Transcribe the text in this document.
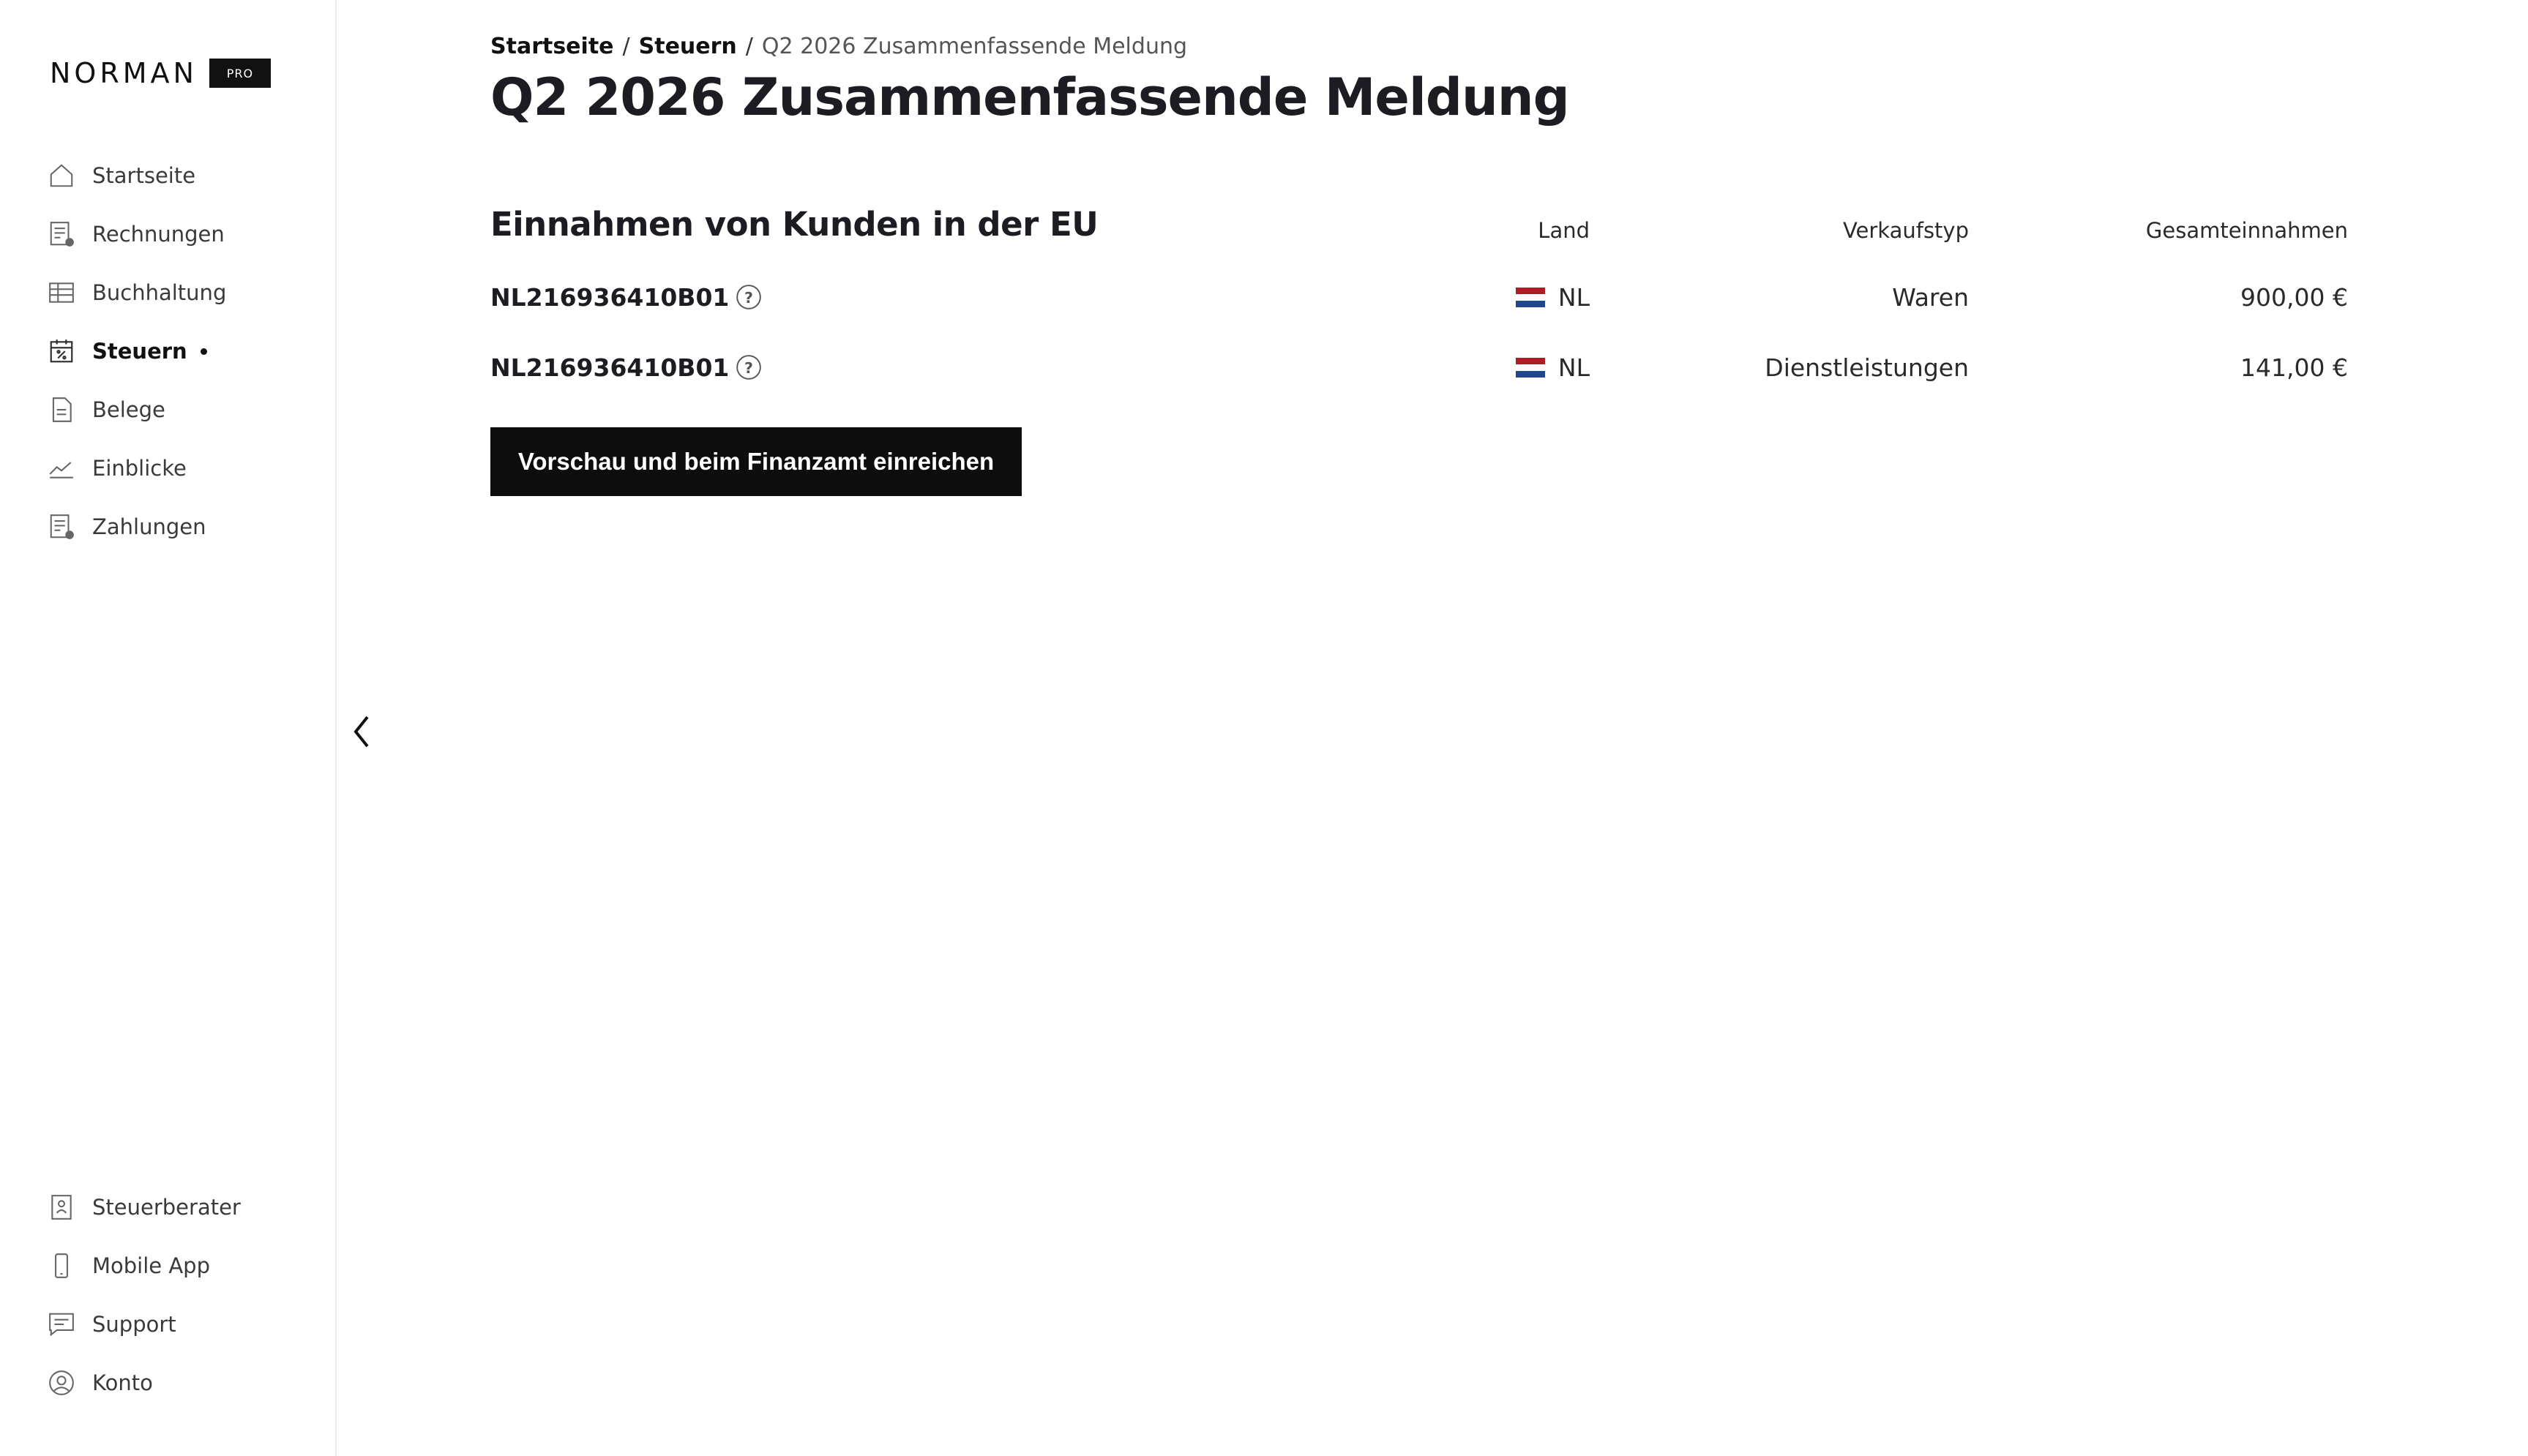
NORMAN	PRO
Startseite
Rechnungen
Buchhaltung
Steuern
Belege
Einblicke
Zahlungen
Steuerberater
Mobile App
Support
Konto
Startseite / Steuern / Q2 2026 Zusammenfassende Meldung
Q2 2026 Zusammenfassende Meldung
Einnahmen von Kunden in der EU	Land	Verkaufstyp	Gesamteinnahmen
NL216936410B01 ?	NL	Waren	900,00 €
NL216936410B01 ?	NL	Dienstleistungen	141,00 €
Vorschau und beim Finanzamt einreichen
